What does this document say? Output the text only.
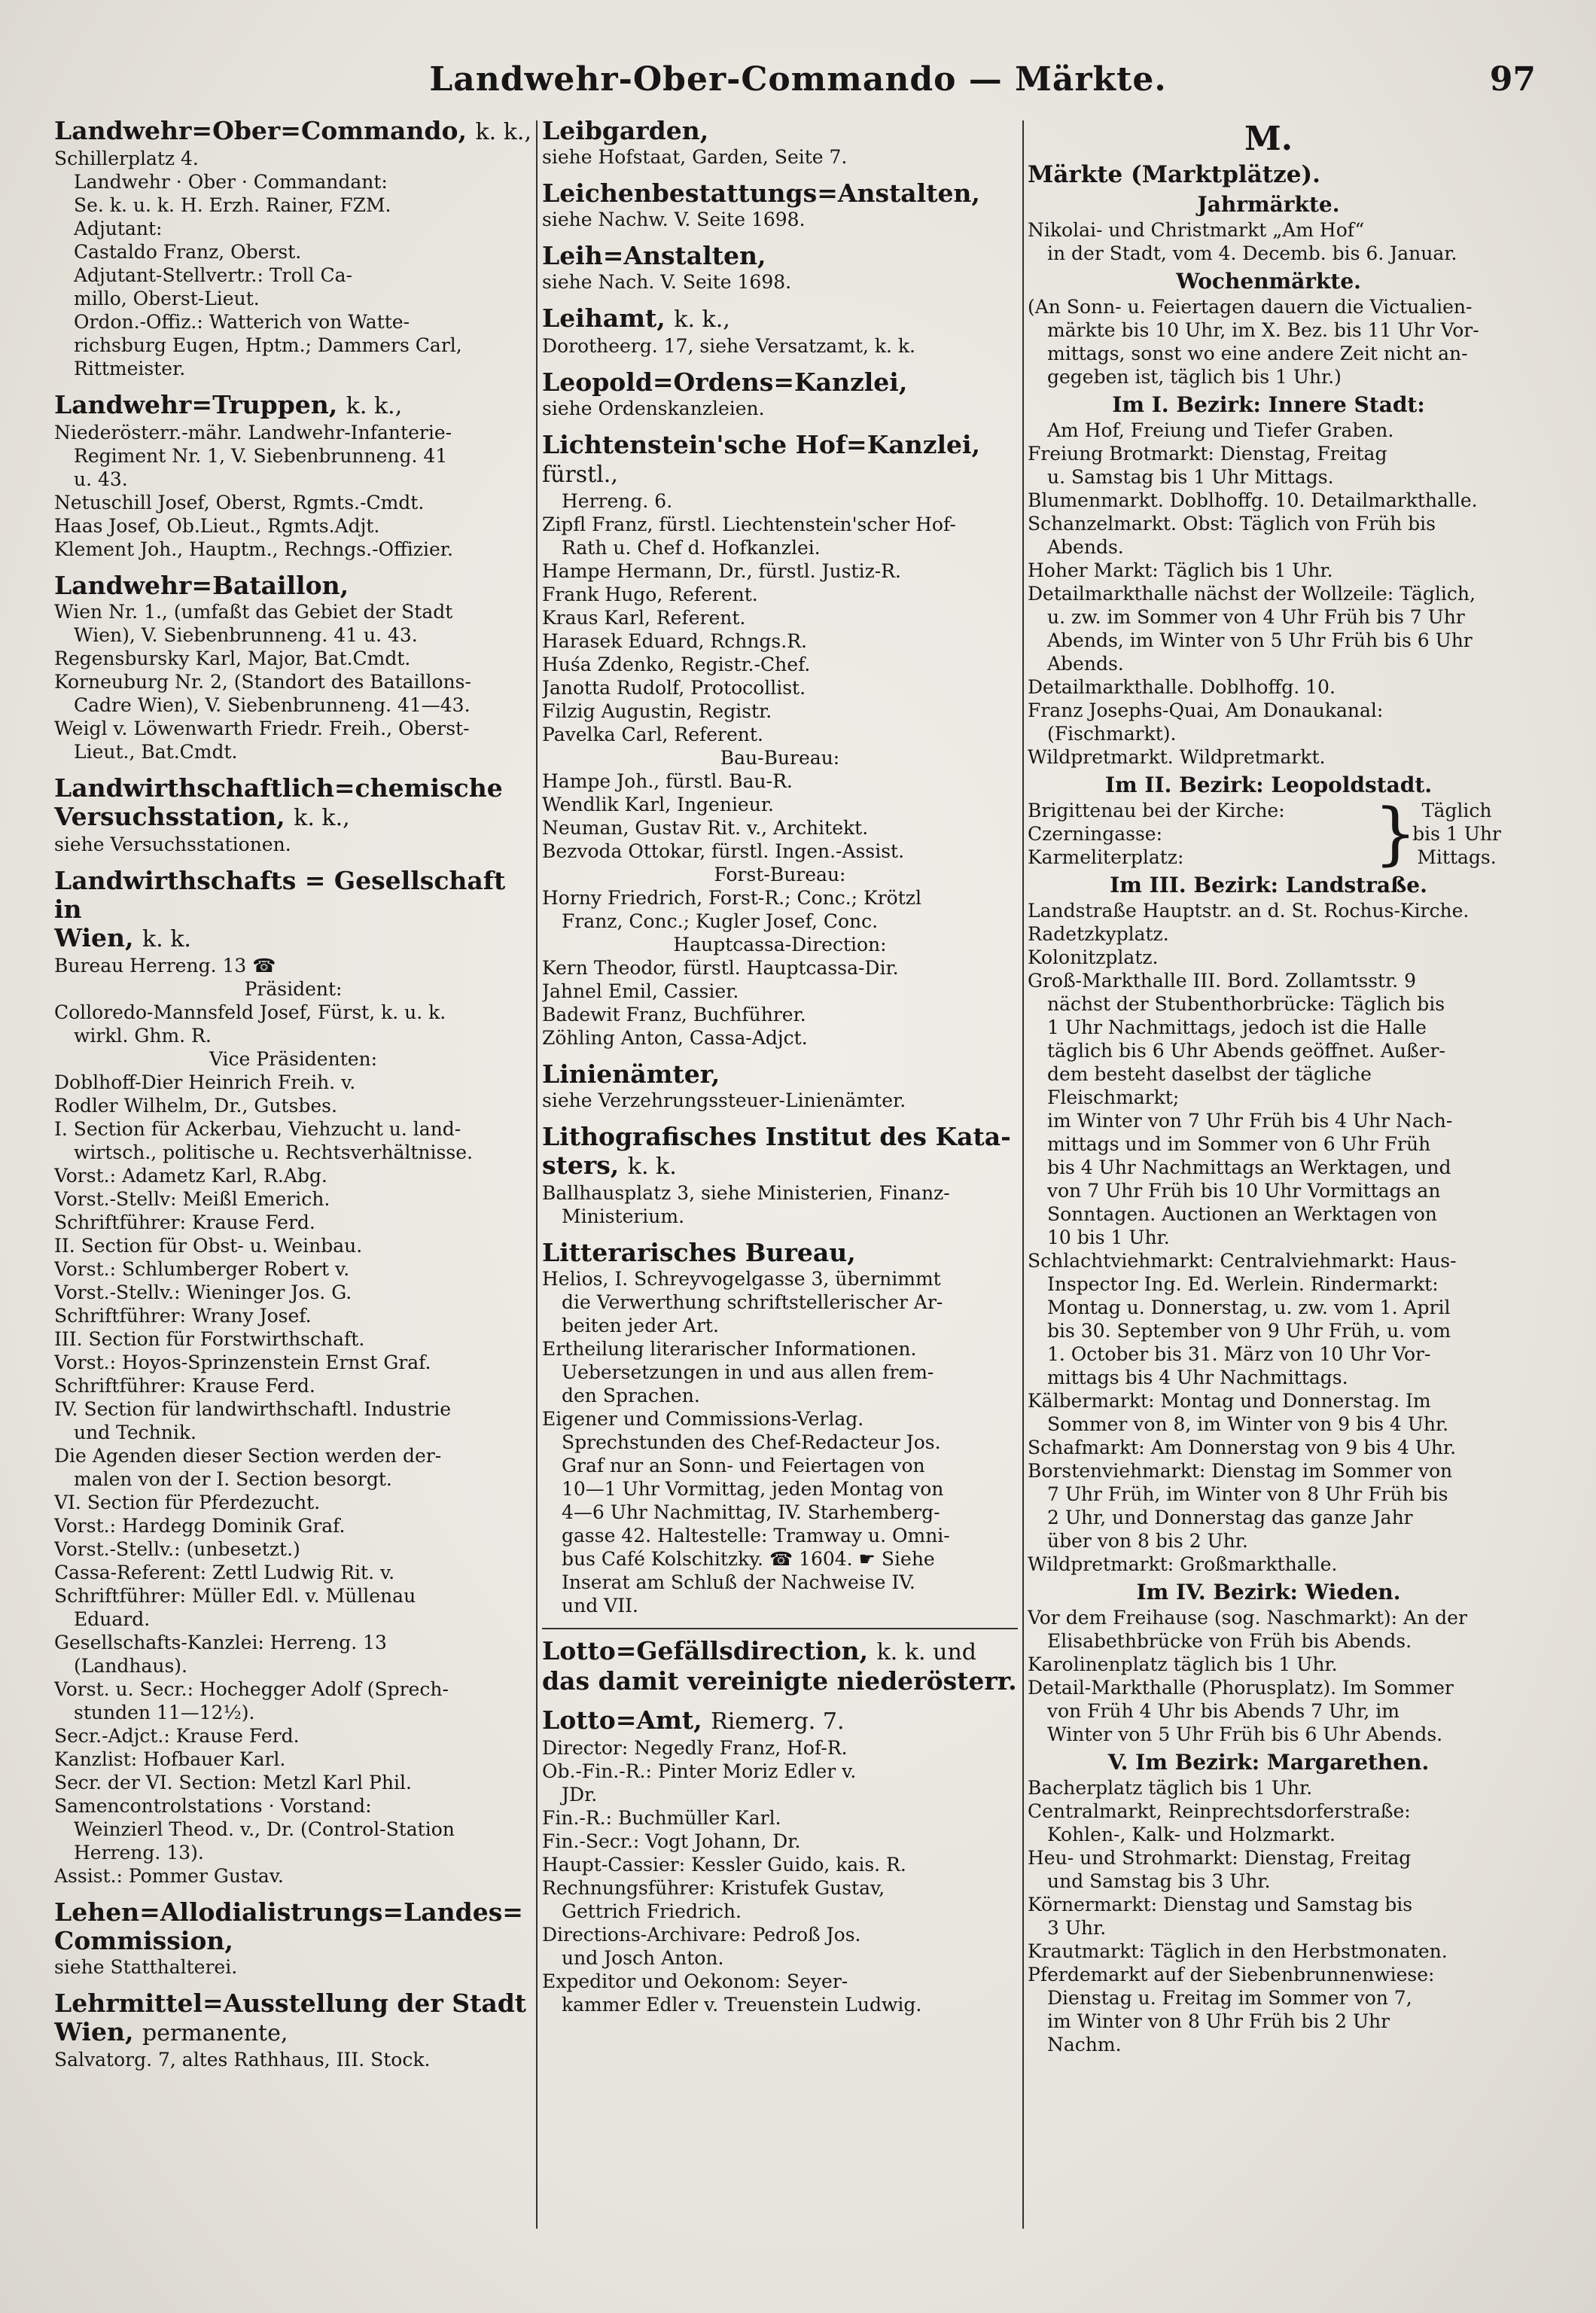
Landwehr-Ober-Commando — Märkte.	97
Landwehr=Ober=Commando, k. k.,
Schillerplatz 4.
Landwehr · Ober · Commandant:
Se. k. u. k. H. Erzh. Rainer, FZM.
Adjutant:
Castaldo Franz, Oberst.
Adjutant-Stellvertr.: Troll Ca-
millo, Oberst-Lieut.
Ordon.-Offiz.: Watterich von Watte-
richsburg Eugen, Hptm.; Dammers Carl,
Rittmeister.
Landwehr=Truppen, k. k.,
Niederösterr.-mähr. Landwehr-Infanterie-
Regiment Nr. 1, V. Siebenbrunneng. 41
u. 43.
Netuschill Josef, Oberst, Rgmts.-Cmdt.
Haas Josef, Ob.Lieut., Rgmts.Adjt.
Klement Joh., Hauptm., Rechngs.-Offizier.
Landwehr=Bataillon,
Wien Nr. 1., (umfaßt das Gebiet der Stadt
Wien), V. Siebenbrunneng. 41 u. 43.
Regensbursky Karl, Major, Bat.Cmdt.
Korneuburg Nr. 2, (Standort des Bataillons-
Cadre Wien), V. Siebenbrunneng. 41—43.
Weigl v. Löwenwarth Friedr. Freih., Oberst-
Lieut., Bat.Cmdt.
Landwirthschaftlich=chemische
Versuchsstation, k. k.,
siehe Versuchsstationen.
Landwirthschafts = Gesellschaft in
Wien, k. k.
Bureau Herreng. 13 ☎
Präsident:
Colloredo-Mannsfeld Josef, Fürst, k. u. k.
wirkl. Ghm. R.
Vice Präsidenten:
Doblhoff-Dier Heinrich Freih. v.
Rodler Wilhelm, Dr., Gutsbes.
I. Section für Ackerbau, Viehzucht u. land-
wirtsch., politische u. Rechtsverhältnisse.
Vorst.: Adametz Karl, R.Abg.
Vorst.-Stellv: Meißl Emerich.
Schriftführer: Krause Ferd.
II. Section für Obst- u. Weinbau.
Vorst.: Schlumberger Robert v.
Vorst.-Stellv.: Wieninger Jos. G.
Schriftführer: Wrany Josef.
III. Section für Forstwirthschaft.
Vorst.: Hoyos-Sprinzenstein Ernst Graf.
Schriftführer: Krause Ferd.
IV. Section für landwirthschaftl. Industrie
und Technik.
Die Agenden dieser Section werden der-
malen von der I. Section besorgt.
VI. Section für Pferdezucht.
Vorst.: Hardegg Dominik Graf.
Vorst.-Stellv.: (unbesetzt.)
Cassa-Referent: Zettl Ludwig Rit. v.
Schriftführer: Müller Edl. v. Müllenau
Eduard.
Gesellschafts-Kanzlei: Herreng. 13
(Landhaus).
Vorst. u. Secr.: Hochegger Adolf (Sprech-
stunden 11—12½).
Secr.-Adjct.: Krause Ferd.
Kanzlist: Hofbauer Karl.
Secr. der VI. Section: Metzl Karl Phil.
Samencontrolstations · Vorstand:
Weinzierl Theod. v., Dr. (Control-Station
Herreng. 13).
Assist.: Pommer Gustav.
Lehen=Allodialistrungs=Landes=
Commission,
siehe Statthalterei.
Lehrmittel=Ausstellung der Stadt
Wien, permanente,
Salvatorg. 7, altes Rathhaus, III. Stock.
Leibgarden,
siehe Hofstaat, Garden, Seite 7.
Leichenbestattungs=Anstalten,
siehe Nachw. V. Seite 1698.
Leih=Anstalten,
siehe Nach. V. Seite 1698.
Leihamt, k. k.,
Dorotheerg. 17, siehe Versatzamt, k. k.
Leopold=Ordens=Kanzlei,
siehe Ordenskanzleien.
Lichtenstein'sche Hof=Kanzlei, fürstl.,
Herreng. 6.
Zipfl Franz, fürstl. Liechtenstein'scher Hof-
Rath u. Chef d. Hofkanzlei.
Hampe Hermann, Dr., fürstl. Justiz-R.
Frank Hugo, Referent.
Kraus Karl, Referent.
Harasek Eduard, Rchngs.R.
Huśa Zdenko, Registr.-Chef.
Janotta Rudolf, Protocollist.
Filzig Augustin, Registr.
Pavelka Carl, Referent.
Bau-Bureau:
Hampe Joh., fürstl. Bau-R.
Wendlik Karl, Ingenieur.
Neuman, Gustav Rit. v., Architekt.
Bezvoda Ottokar, fürstl. Ingen.-Assist.
Forst-Bureau:
Horny Friedrich, Forst-R.; Conc.; Krötzl
Franz, Conc.; Kugler Josef, Conc.
Hauptcassa-Direction:
Kern Theodor, fürstl. Hauptcassa-Dir.
Jahnel Emil, Cassier.
Badewit Franz, Buchführer.
Zöhling Anton, Cassa-Adjct.
Linienämter,
siehe Verzehrungssteuer-Linienämter.
Lithografisches Institut des Kata-
sters, k. k.
Ballhausplatz 3, siehe Ministerien, Finanz-
Ministerium.
Litterarisches Bureau,
Helios, I. Schreyvogelgasse 3, übernimmt
die Verwerthung schriftstellerischer Ar-
beiten jeder Art.
Ertheilung literarischer Informationen.
Uebersetzungen in und aus allen frem-
den Sprachen.
Eigener und Commissions-Verlag.
Sprechstunden des Chef-Redacteur Jos.
Graf nur an Sonn- und Feiertagen von
10—1 Uhr Vormittag, jeden Montag von
4—6 Uhr Nachmittag, IV. Starhemberg-
gasse 42. Haltestelle: Tramway u. Omni-
bus Café Kolschitzky. ☎ 1604. ☛ Siehe
Inserat am Schluß der Nachweise IV.
und VII.
Lotto=Gefällsdirection, k. k. und
das damit vereinigte niederösterr.
Lotto=Amt, Riemerg. 7.
Director: Negedly Franz, Hof-R.
Ob.-Fin.-R.: Pinter Moriz Edler v.
JDr.
Fin.-R.: Buchmüller Karl.
Fin.-Secr.: Vogt Johann, Dr.
Haupt-Cassier: Kessler Guido, kais. R.
Rechnungsführer: Kristufek Gustav,
Gettrich Friedrich.
Directions-Archivare: Pedroß Jos.
und Josch Anton.
Expeditor und Oekonom: Seyer-
kammer Edler v. Treuenstein Ludwig.
M.
Märkte (Marktplätze).
Jahrmärkte.
Nikolai- und Christmarkt „Am Hof“
in der Stadt, vom 4. Decemb. bis 6. Januar.
Wochenmärkte.
(An Sonn- u. Feiertagen dauern die Victualien-
märkte bis 10 Uhr, im X. Bez. bis 11 Uhr Vor-
mittags, sonst wo eine andere Zeit nicht an-
gegeben ist, täglich bis 1 Uhr.)
Im I. Bezirk: Innere Stadt:
Am Hof, Freiung und Tiefer Graben.
Freiung Brotmarkt: Dienstag, Freitag
u. Samstag bis 1 Uhr Mittags.
Blumenmarkt. Doblhoffg. 10. Detailmarkthalle.
Schanzelmarkt. Obst: Täglich von Früh bis
Abends.
Hoher Markt: Täglich bis 1 Uhr.
Detailmarkthalle nächst der Wollzeile: Täglich,
u. zw. im Sommer von 4 Uhr Früh bis 7 Uhr
Abends, im Winter von 5 Uhr Früh bis 6 Uhr
Abends.
Detailmarkthalle. Doblhoffg. 10.
Franz Josephs-Quai, Am Donaukanal:
(Fischmarkt).
Wildpretmarkt. Wildpretmarkt.
Im II. Bezirk: Leopoldstadt.
Brigittenau bei der Kirche:
Czerningasse:
Karmeliterplatz:	} Täglich
bis 1 Uhr
Mittags.
Im III. Bezirk: Landstraße.
Landstraße Hauptstr. an d. St. Rochus-Kirche.
Radetzkyplatz.
Kolonitzplatz.
Groß-Markthalle III. Bord. Zollamtsstr. 9
nächst der Stubenthorbrücke: Täglich bis
1 Uhr Nachmittags, jedoch ist die Halle
täglich bis 6 Uhr Abends geöffnet. Außer-
dem besteht daselbst der tägliche Fleischmarkt;
im Winter von 7 Uhr Früh bis 4 Uhr Nach-
mittags und im Sommer von 6 Uhr Früh
bis 4 Uhr Nachmittags an Werktagen, und
von 7 Uhr Früh bis 10 Uhr Vormittags an
Sonntagen. Auctionen an Werktagen von
10 bis 1 Uhr.
Schlachtviehmarkt: Centralviehmarkt: Haus-
Inspector Ing. Ed. Werlein. Rindermarkt:
Montag u. Donnerstag, u. zw. vom 1. April
bis 30. September von 9 Uhr Früh, u. vom
1. October bis 31. März von 10 Uhr Vor-
mittags bis 4 Uhr Nachmittags.
Kälbermarkt: Montag und Donnerstag. Im
Sommer von 8, im Winter von 9 bis 4 Uhr.
Schafmarkt: Am Donnerstag von 9 bis 4 Uhr.
Borstenviehmarkt: Dienstag im Sommer von
7 Uhr Früh, im Winter von 8 Uhr Früh bis
2 Uhr, und Donnerstag das ganze Jahr
über von 8 bis 2 Uhr.
Wildpretmarkt: Großmarkthalle.
Im IV. Bezirk: Wieden.
Vor dem Freihause (sog. Naschmarkt): An der
Elisabethbrücke von Früh bis Abends.
Karolinenplatz täglich bis 1 Uhr.
Detail-Markthalle (Phorusplatz). Im Sommer
von Früh 4 Uhr bis Abends 7 Uhr, im
Winter von 5 Uhr Früh bis 6 Uhr Abends.
V. Im Bezirk: Margarethen.
Bacherplatz täglich bis 1 Uhr.
Centralmarkt, Reinprechtsdorferstraße:
Kohlen-, Kalk- und Holzmarkt.
Heu- und Strohmarkt: Dienstag, Freitag
und Samstag bis 3 Uhr.
Körnermarkt: Dienstag und Samstag bis
3 Uhr.
Krautmarkt: Täglich in den Herbstmonaten.
Pferdemarkt auf der Siebenbrunnenwiese:
Dienstag u. Freitag im Sommer von 7,
im Winter von 8 Uhr Früh bis 2 Uhr
Nachm.
